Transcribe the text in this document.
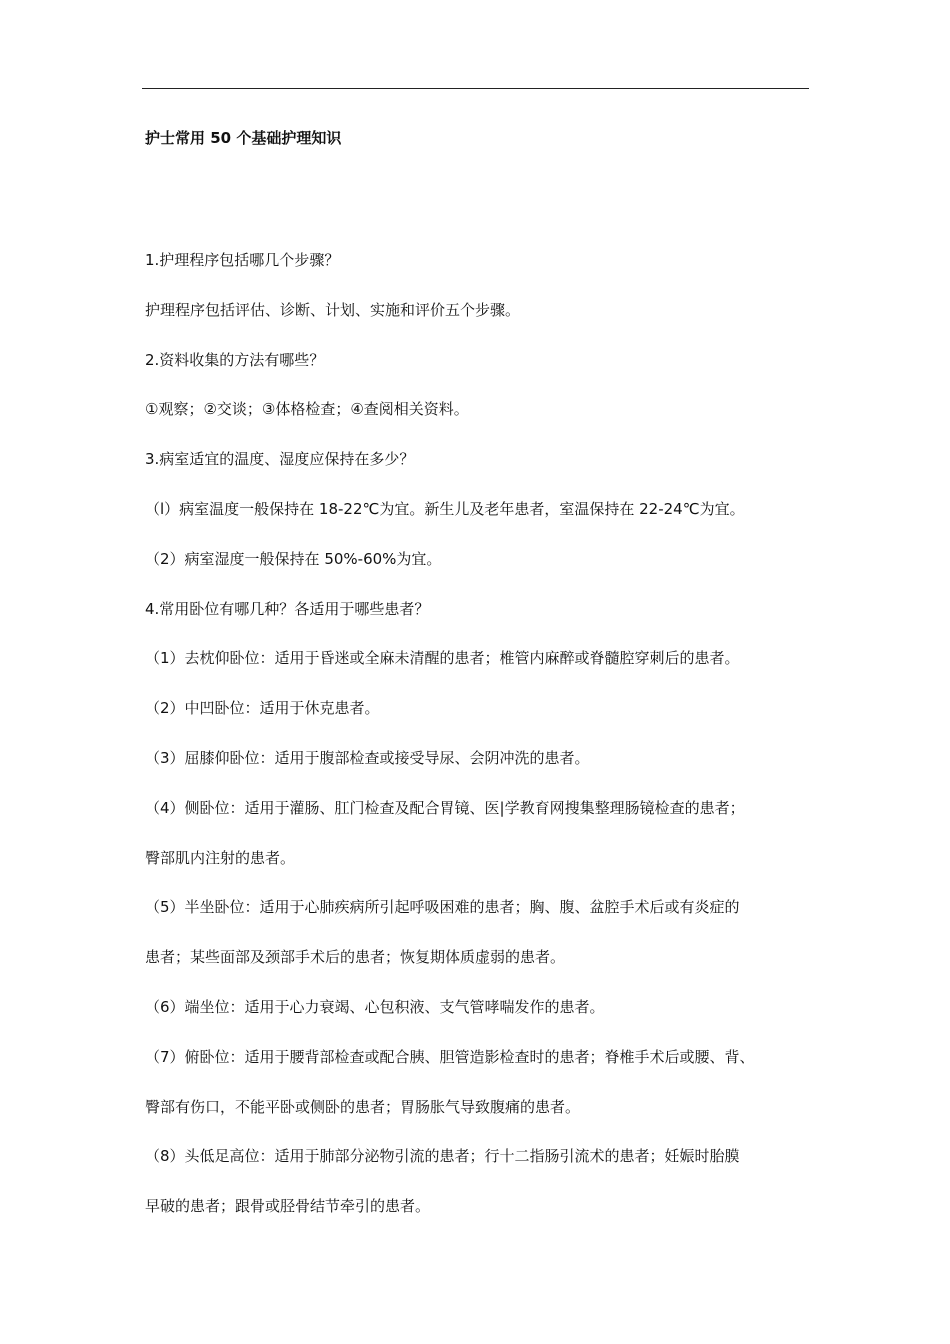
护士常用 50 个基础护理知识
1.护理程序包括哪几个步骤？
护理程序包括评估、诊断、计划、实施和评价五个步骤。
2.资料收集的方法有哪些？
①观察；②交谈；③体格检查；④查阅相关资料。
3.病室适宜的温度、湿度应保持在多少？
（l）病室温度一般保持在 18-22℃为宜。新生儿及老年患者，室温保持在 22-24℃为宜。
（2）病室湿度一般保持在 50%-60%为宜。
4.常用卧位有哪几种？各适用于哪些患者？
（1）去枕仰卧位：适用于昏迷或全麻未清醒的患者；椎管内麻醉或脊髓腔穿刺后的患者。
（2）中凹卧位：适用于休克患者。
（3）屈膝仰卧位：适用于腹部检查或接受导尿、会阴冲洗的患者。
（4）侧卧位：适用于灌肠、肛门检查及配合胃镜、医|学教育网搜集整理肠镜检查的患者；
臀部肌内注射的患者。
（5）半坐卧位：适用于心肺疾病所引起呼吸困难的患者；胸、腹、盆腔手术后或有炎症的
患者；某些面部及颈部手术后的患者；恢复期体质虚弱的患者。
（6）端坐位：适用于心力衰竭、心包积液、支气管哮喘发作的患者。
（7）俯卧位：适用于腰背部检查或配合胰、胆管造影检查时的患者；脊椎手术后或腰、背、
臀部有伤口，不能平卧或侧卧的患者；胃肠胀气导致腹痛的患者。
（8）头低足高位：适用于肺部分泌物引流的患者；行十二指肠引流术的患者；妊娠时胎膜
早破的患者；跟骨或胫骨结节牵引的患者。
